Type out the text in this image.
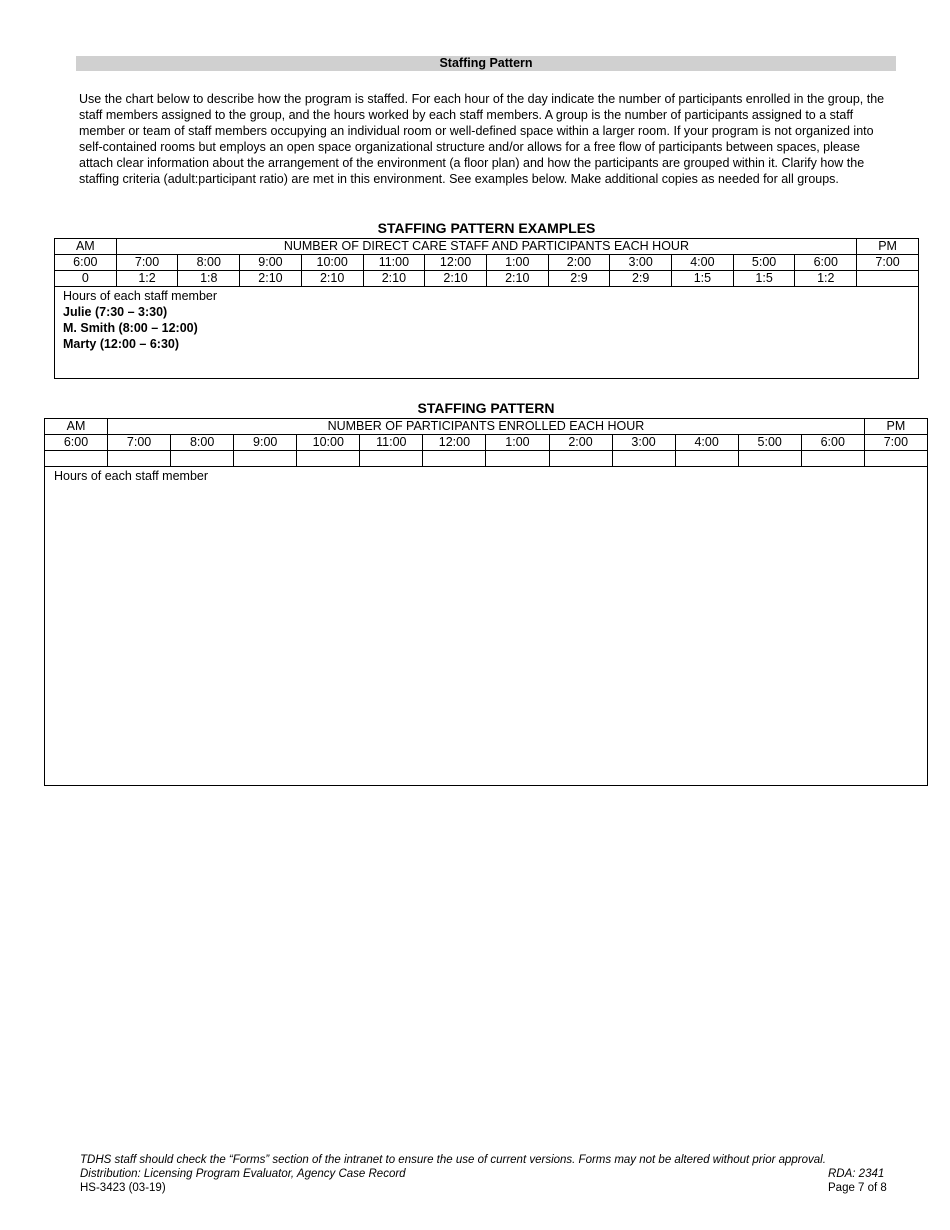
Staffing Pattern

Use the chart below to describe how the program is staffed. For each hour of the day indicate the number of participants enrolled in the group, the staff members assigned to the group, and the hours worked by each staff members. A group is the number of participants assigned to a staff member or team of staff members occupying an individual room or well-defined space within a larger room. If your program is not organized into self-contained rooms but employs an open space organizational structure and/or allows for a free flow of participants between spaces, please attach clear information about the arrangement of the environment (a floor plan) and how the participants are grouped within it. Clarify how the staffing criteria (adult:participant ratio) are met in this environment. See examples below. Make additional copies as needed for all groups.

STAFFING PATTERN EXAMPLES
AM	NUMBER OF DIRECT CARE STAFF AND PARTICIPANTS EACH HOUR												PM
6:00	7:00	8:00	9:00	10:00	11:00	12:00	1:00	2:00	3:00	4:00	5:00	6:00	7:00
0	1:2	1:8	2:10	2:10	2:10	2:10	2:10	2:9	2:9	1:5	1:5	1:2	

Hours of each staff member
Julie (7:30 – 3:30)
M. Smith (8:00 – 12:00)
Marty (12:00 – 6:30)													
STAFFING PATTERN
AM	NUMBER OF PARTICIPANTS ENROLLED EACH HOUR												PM
6:00	7:00	8:00	9:00	10:00	11:00	12:00	1:00	2:00	3:00	4:00	5:00	6:00	7:00

Hours of each staff member													
TDHS staff should check the “Forms” section of the intranet to ensure the use of current versions. Forms may not be altered without prior approval.
Distribution: Licensing Program Evaluator, Agency Case Record	RDA: 2341
HS-3423 (03-19)	Page 7 of 8
